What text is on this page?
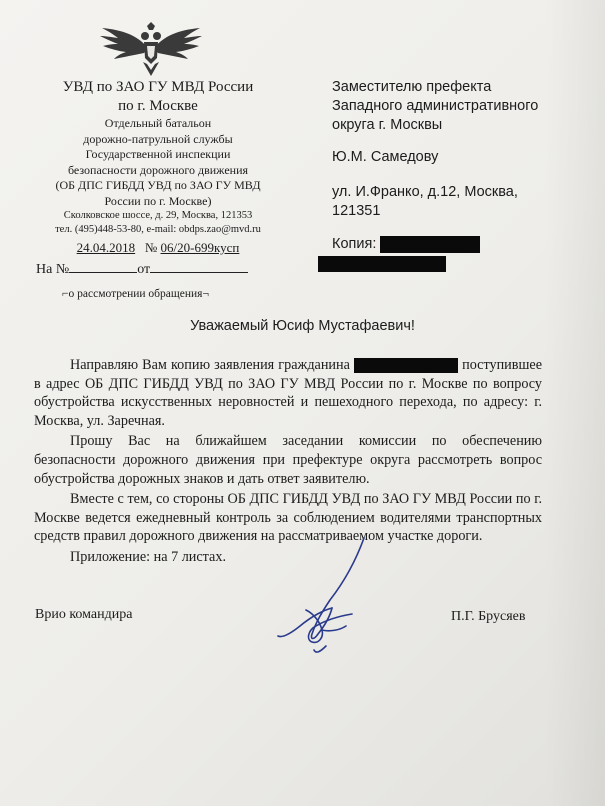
УВД по ЗАО ГУ МВД России
по г. Москве
Отдельный батальон
дорожно-патрульной службы
Государственной инспекции
безопасности дорожного движения
(ОБ ДПС ГИБДД УВД по ЗАО ГУ МВД
России по г. Москве)
Сколковское шоссе, д. 29, Москва, 121353
тел. (495)448-53-80, e-mail: obdps.zao@mvd.ru
24.04.2018 № 06/20-699кусп
На №	от
⌐о рассмотрении обращения¬
Заместителю префекта
Западного административного
округа г. Москвы
Ю.М. Самедову
ул. И.Франко, д.12, Москва,
121351
Копия:
Уважаемый Юсиф Мустафаевич!

Направляю Вам копию заявления гражданина	поступившее в адрес ОБ ДПС ГИБДД УВД по ЗАО ГУ МВД России по г. Москве по вопросу обустройства искусственных неровностей и пешеходного перехода, по адресу: г. Москва, ул. Заречная.

Прошу Вас на ближайшем заседании комиссии по обеспечению безопасности дорожного движения при префектуре округа рассмотреть вопрос обустройства дорожных знаков и дать ответ заявителю.

Вместе с тем, со стороны ОБ ДПС ГИБДД УВД по ЗАО ГУ МВД России по г. Москве ведется ежедневный контроль за соблюдением водителями транспортных средств правил дорожного движения на рассматриваемом участке дороги.

Приложение: на 7 листах.

Врио командира	П.Г. Брусяев
